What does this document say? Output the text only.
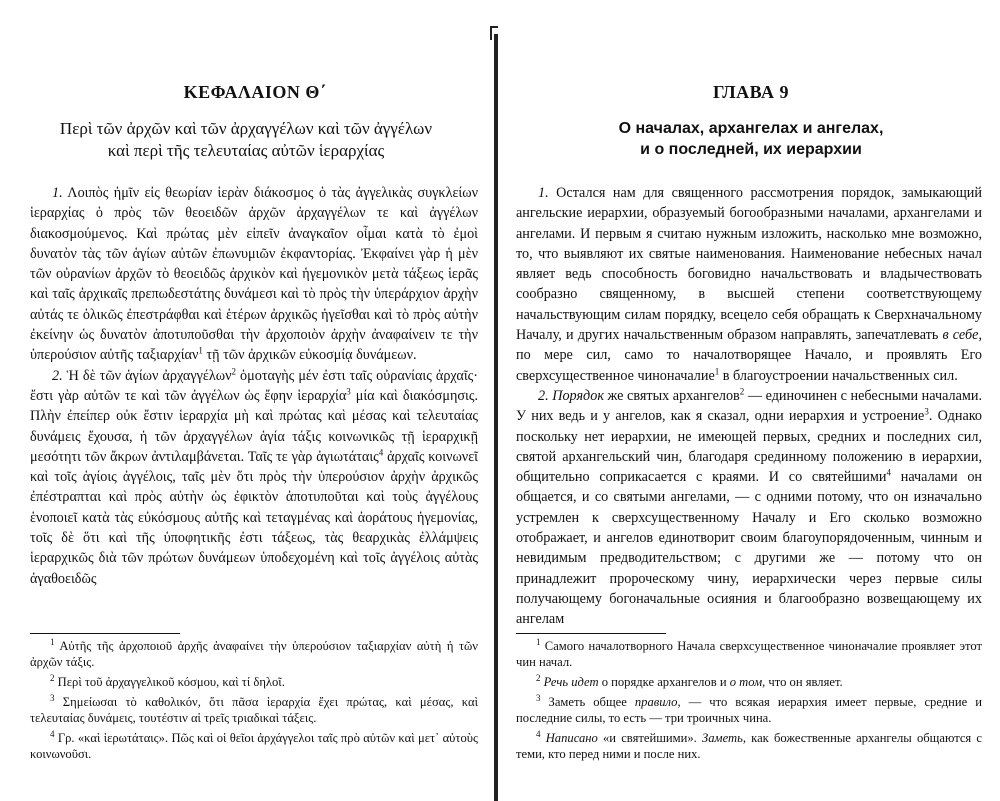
ΚΕΦΑΛΑΙΟΝ Θ΄
Περὶ τῶν ἀρχῶν καὶ τῶν ἀρχαγγέλων καὶ τῶν ἀγγέλων
καὶ περὶ τῆς τελευταίας αὐτῶν ἱεραρχίας

1. Λοιπὸς ἡμῖν εἰς θεωρίαν ἱερὰν διάκοσμος ὁ τὰς ἀγγελικὰς συγκλείων ἱεραρχίας ὁ πρὸς τῶν θεοειδῶν ἀρχῶν ἀρχαγγέλων τε καὶ ἀγγέλων διακοσμούμενος. Καὶ πρώτας μὲν εἰπεῖν ἀναγκαῖον οἶμαι κατὰ τὸ ἐμοὶ δυνατὸν τὰς τῶν ἁγίων αὐτῶν ἐπωνυμιῶν ἐκφαντορίας. Ἐκφαίνει γὰρ ἡ μὲν τῶν οὐρανίων ἀρχῶν τὸ θεοειδῶς ἀρχικὸν καὶ ἡγεμονικὸν μετὰ τάξεως ἱερᾶς καὶ ταῖς ἀρχικαῖς πρεπωδεστάτης δυνάμεσι καὶ τὸ πρὸς τὴν ὑπεράρχιον ἀρχὴν αὐτάς τε ὁλικῶς ἐπεστράφθαι καὶ ἑτέρων ἀρχικῶς ἡγεῖσθαι καὶ τὸ πρὸς αὐτὴν ἐκείνην ὡς δυνατὸν ἀποτυποῦσθαι τὴν ἀρχοποιὸν ἀρχὴν ἀναφαίνειν τε τὴν ὑπερούσιον αὐτῆς ταξιαρχίαν$^1$ τῇ τῶν ἀρχικῶν εὐκοσμίᾳ δυνάμεων.

2. Ἡ δὲ τῶν ἁγίων ἀρχαγγέλων$^2$ ὁμοταγὴς μέν ἐστι ταῖς οὐρανίαις ἀρχαῖς· ἔστι γὰρ αὐτῶν τε καὶ τῶν ἀγγέλων ὡς ἔφην ἱεραρχία$^3$ μία καὶ διακόσμησις. Πλὴν ἐπείπερ οὐκ ἔστιν ἱεραρχία μὴ καὶ πρώτας καὶ μέσας καὶ τελευταίας δυνάμεις ἔχουσα, ἡ τῶν ἀρχαγγέλων ἁγία τάξις κοινωνικῶς τῇ ἱεραρχικῇ μεσότητι τῶν ἄκρων ἀντιλαμβάνεται. Ταῖς τε γὰρ ἁγιωτάταις$^4$ ἀρχαῖς κοινωνεῖ καὶ τοῖς ἁγίοις ἀγγέλοις, ταῖς μὲν ὅτι πρὸς τὴν ὑπερούσιον ἀρχὴν ἀρχικῶς ἐπέστραπται καὶ πρὸς αὐτὴν ὡς ἐφικτὸν ἀποτυποῦται καὶ τοὺς ἀγγέλους ἑνοποιεῖ κατὰ τὰς εὐκόσμους αὐτῆς καὶ τεταγμένας καὶ ἀοράτους ἡγεμονίας, τοῖς δὲ ὅτι καὶ τῆς ὑποφητικῆς ἐστι τάξεως, τὰς θεαρχικὰς ἐλλάμψεις ἱεραρχικῶς διὰ τῶν πρώτων δυνάμεων ὑποδεχομένη καὶ τοῖς ἀγγέλοις αὐτὰς ἀγαθοειδῶς

$^1$ Αὐτῆς τῆς ἀρχοποιοῦ ἀρχῆς ἀναφαίνει τὴν ὑπερούσιον ταξιαρχίαν αὐτὴ ἡ τῶν ἀρχῶν τάξις.

$^2$ Περὶ τοῦ ἀρχαγγελικοῦ κόσμου, καὶ τί δηλοῖ.

$^3$ Σημείωσαι τὸ καθολικόν, ὅτι πᾶσα ἱεραρχία ἔχει πρώτας, καὶ μέσας, καὶ τελευταίας δυνάμεις, τουτέστιν αἱ τρεῖς τριαδικαὶ τάξεις.

$^4$ Γρ. «καὶ ἱερωτάταις». Πῶς καὶ οἱ θεῖοι ἀρχάγγελοι ταῖς πρὸ αὐτῶν καὶ μετ᾿ αὐτοὺς κοινωνοῦσι.

ГЛАВА 9
О началах, архангелах и ангелах,
и о последней, их иерархии

1. Остался нам для священного рассмотрения порядок, замыкающий ангельские иерархии, образуемый богообразными началами, архангелами и ангелами. И первым я считаю нужным изложить, насколько мне возможно, то, что выявляют их святые наименования. Наименование небесных начал являет ведь способность боговидно начальствовать и владычествовать сообразно священному, в высшей степени соответствующему начальствующим силам порядку, всецело себя обращать к Сверхначальному Началу, и других начальственным образом направлять, запечатлевать в себе, по мере сил, само то началотворящее Начало, и проявлять Его сверхсущественное чиноначалие$^1$ в благоустроении начальственных сил.

2. Порядок же святых архангелов$^2$ — единочинен с небесными началами. У них ведь и у ангелов, как я сказал, одни иерархия и устроение$^3$. Однако поскольку нет иерархии, не имеющей первых, средних и последних сил, святой архангельский чин, благодаря срединному положению в иерархии, общительно соприкасается с краями. И со святейшими$^4$ началами он общается, и со святыми ангелами, — с одними потому, что он изначально устремлен к сверхсущественному Началу и Его сколько возможно отображает, и ангелов единотворит своим благоупорядоченным, чинным и невидимым предводительством; с другими же — потому что он принадлежит пророческому чину, иерархически через первые силы получающему богоначальные осияния и благообразно возвещающему их ангелам

$^1$ Самого началотворного Начала сверхсущественное чиноначалие проявляет этот чин начал.

$^2$ Речь идет о порядке архангелов и о том, что он являет.

$^3$ Заметь общее правило, — что всякая иерархия имеет первые, средние и последние силы, то есть — три троичных чина.

$^4$ Написано «и святейшими». Заметь, как божественные архангелы общаются с теми, кто перед ними и после них.
